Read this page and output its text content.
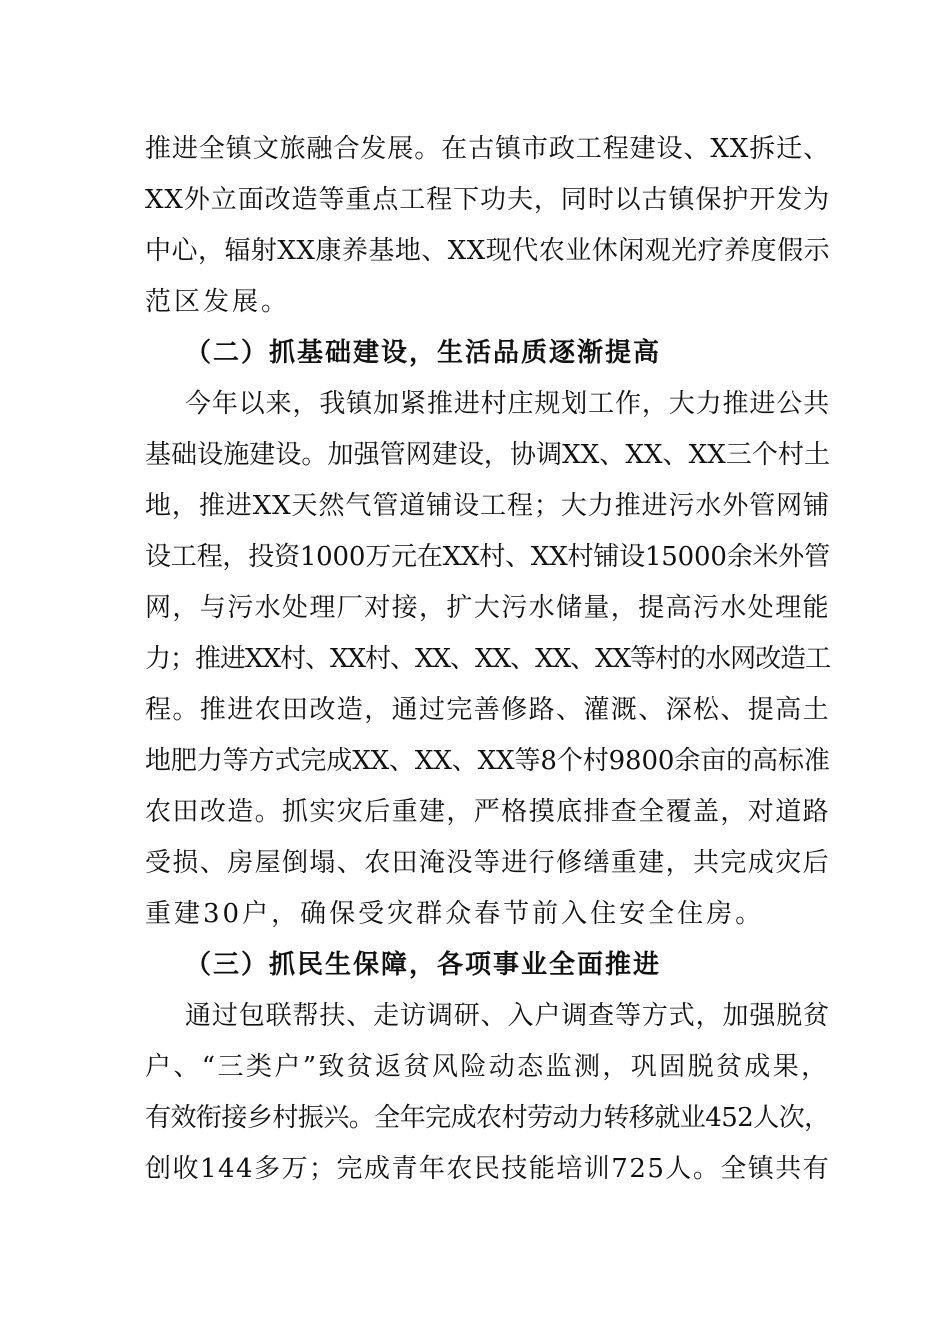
推进全镇文旅融合发展。在古镇市政工程建设、XX拆迁、
XX外立面改造等重点工程下功夫，同时以古镇保护开发为
中心，辐射XX康养基地、XX现代农业休闲观光疗养度假示
范区发展。
（二）抓基础建设，生活品质逐渐提高
今年以来，我镇加紧推进村庄规划工作，大力推进公共
基础设施建设。加强管网建设，协调XX、XX、XX三个村土
地，推进XX天然气管道铺设工程；大力推进污水外管网铺
设工程，投资1000万元在XX村、XX村铺设15000余米外管
网，与污水处理厂对接，扩大污水储量，提高污水处理能
力；推进XX村、XX村、XX、XX、XX、XX等村的水网改造工
程。推进农田改造，通过完善修路、灌溉、深松、提高土
地肥力等方式完成XX、XX、XX等8个村9800余亩的高标准
农田改造。抓实灾后重建，严格摸底排查全覆盖，对道路
受损、房屋倒塌、农田淹没等进行修缮重建，共完成灾后
重建30户，确保受灾群众春节前入住安全住房。
（三）抓民生保障，各项事业全面推进
通过包联帮扶、走访调研、入户调查等方式，加强脱贫
户、“三类户”致贫返贫风险动态监测，巩固脱贫成果，
有效衔接乡村振兴。全年完成农村劳动力转移就业452人次，
创收144多万；完成青年农民技能培训725人。全镇共有
